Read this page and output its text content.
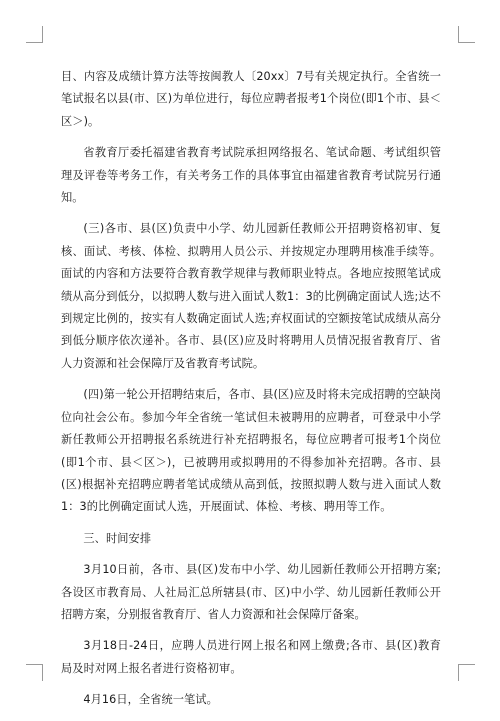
目、内容及成绩计算方法等按闽教人〔20xx〕7号有关规定执行。全省统一笔试报名以县(市、区)为单位进行，每位应聘者报考1个岗位(即1个市、县＜区＞)。

省教育厅委托福建省教育考试院承担网络报名、笔试命题、考试组织管理及评卷等考务工作，有关考务工作的具体事宜由福建省教育考试院另行通知。

(三)各市、县(区)负责中小学、幼儿园新任教师公开招聘资格初审、复核、面试、考核、体检、拟聘用人员公示、并按规定办理聘用核准手续等。面试的内容和方法要符合教育教学规律与教师职业特点。各地应按照笔试成绩从高分到低分，以拟聘人数与进入面试人数1：3的比例确定面试人选;达不到规定比例的，按实有人数确定面试人选;弃权面试的空额按笔试成绩从高分到低分顺序依次递补。各市、县(区)应及时将聘用人员情况报省教育厅、省人力资源和社会保障厅及省教育考试院。

(四)第一轮公开招聘结束后，各市、县(区)应及时将未完成招聘的空缺岗位向社会公布。参加今年全省统一笔试但未被聘用的应聘者，可登录中小学新任教师公开招聘报名系统进行补充招聘报名，每位应聘者可报考1个岗位(即1个市、县＜区＞)，已被聘用或拟聘用的不得参加补充招聘。各市、县(区)根据补充招聘应聘者笔试成绩从高到低，按照拟聘人数与进入面试人数1：3的比例确定面试人选，开展面试、体检、考核、聘用等工作。

三、时间安排

3月10日前，各市、县(区)发布中小学、幼儿园新任教师公开招聘方案;各设区市教育局、人社局汇总所辖县(市、区)中小学、幼儿园新任教师公开招聘方案，分别报省教育厅、省人力资源和社会保障厅备案。

3月18日-24日，应聘人员进行网上报名和网上缴费;各市、县(区)教育局及时对网上报名者进行资格初审。

4月16日，全省统一笔试。
